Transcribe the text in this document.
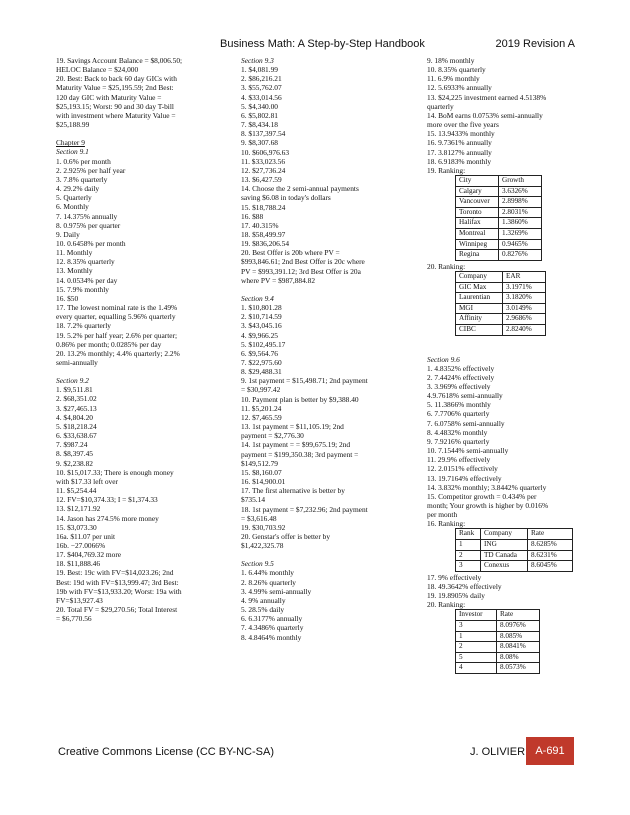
Business Math: A Step-by-Step Handbook	2019 Revision A

19. Savings Account Balance = $8,006.50;

HELOC Balance = $24,000

20. Best: Back to back 60 day GICs with

Maturity Value = $25,195.59; 2nd Best:

120 day GIC with Maturity Value =

$25,193.15; Worst: 90 and 30 day T-bill

with investment where Maturity Value =

$25,188.99

Chapter 9

Section 9.1

1. 0.6% per month

2. 2.925% per half year

3. 7.8% quarterly

4. 29.2% daily

5. Quarterly

6. Monthly

7. 14.375% annually

8. 0.975% per quarter

9. Daily

10. 0.6458% per month

11. Monthly

12. 8.35% quarterly

13. Monthly

14. 0.0534% per day

15. 7.9% monthly

16. $50

17. The lowest nominal rate is the 1.49%

every quarter, equalling 5.96% quarterly

18. 7.2% quarterly

19. 5.2% per half year; 2.6% per quarter;

0.86% per month; 0.0285% per day

20. 13.2% monthly; 4.4% quarterly; 2.2%

semi-annually

Section 9.2

1. $9,511.81

2. $68,351.02

3. $27,465.13

4. $4,804.20

5. $18,218.24

6. $33,638.67

7. $987.24

8. $8,397.45

9. $2,238.82

10. $15,017.33; There is enough money

with $17.33 left over

11. $5,254.44

12. FV=$10,374.33; I = $1,374.33

13. $12,171.92

14. Jason has 274.5% more money

15. $3,073.30

16a. $11.07 per unit

16b. −27.0066%

17. $404,769.32 more

18. $11,888.46

19. Best: 19c with FV=$14,023.26; 2nd

Best: 19d with FV=$13,999.47; 3rd Best:

19b with FV=$13,933.20; Worst: 19a with

FV=$13,927.43

20. Total FV = $29,270.56; Total Interest

= $6,770.56

Section 9.3

1. $4,081.99

2. $86,216.21

3. $55,762.07

4. $33,014.56

5. $4,340.00

6. $5,802.81

7. $8,434.18

8. $137,397.54

9. $8,307.68

10. $606,976.63

11. $33,023.56

12. $27,736.24

13. $6,427.59

14. Choose the 2 semi-annual payments

saving $6.08 in today's dollars

15. $18,788.24

16. $88

17. 40.315%

18. $58,499.97

19. $836,206.54

20. Best Offer is 20b where PV =

$993,846.61; 2nd Best Offer is 20c where

PV = $993,391.12; 3rd Best Offer is 20a

where PV = $987,884.82

Section 9.4

1. $10,801.28

2. $10,714.59

3. $43,045.16

4. $9,966.25

5. $102,495.17

6. $9,564.76

7. $22,975.60

8. $29,488.31

9. 1st payment = $15,498.71; 2nd payment

= $30,997.42

10. Payment plan is better by $9,388.40

11. $5,201.24

12. $7,465.59

13. 1st payment = $11,105.19; 2nd

payment = $2,776.30

14. 1st payment = = $99,675.19; 2nd

payment = $199,350.38; 3rd payment =

$149,512.79

15. $8,160.07

16. $14,900.01

17. The first alternative is better by

$735.14

18. 1st payment = $7,232.96; 2nd payment

= $3,616.48

19. $30,703.92

20. Genstar's offer is better by

$1,422,325.78

Section 9.5

1. 6.44% monthly

2. 8.26% quarterly

3. 4.99% semi-annually

4. 9% annually

5. 28.5% daily

6. 6.3177% annually

7. 4.3486% quarterly

8. 4.8464% monthly

9. 18% monthly

10. 8.35% quarterly

11. 6.9% monthly

12. 5.6933% annually

13. $24,225 investment earned 4.5138%

quarterly

14. BoM earns 0.0753% semi-annually

more over the five years

15. 13.9433% monthly

16. 9.7361% annually

17. 3.8127% annually

18. 6.9183% monthly

19. Ranking:

City	Growth
Calgary	3.6326%
Vancouver	2.8998%
Toronto	2.8031%
Halifax	1.3860%
Montreal	1.3269%
Winnipeg	0.9465%
Regina	0.8276%

20. Ranking:

Company	EAR
GIC Max	3.1971%
Laurentian	3.1820%
MGI	3.0149%
Affinity	2.9686%
CIBC	2.8240%

Section 9.6

1. 4.8352% effectively

2. 7.4424% effectively

3. 3.969% effectively

4.9.7618% semi-annually

5. 11.3866% monthly

6. 7.7706% quarterly

7. 6.0758% semi-annually

8. 4.4832% monthly

9. 7.9216% quarterly

10. 7.1544% semi-annually

11. 29.9% effectively

12. 2.0151% effectively

13. 19.7164% effectively

14. 3.832% monthly; 3.8442% quarterly

15. Competitor growth = 0.434% per

month; Your growth is higher by 0.016%

per month

16. Ranking:

Rank	Company	Rate
1	ING	8.6285%
2	TD Canada	8.6231%
3	Conexus	8.6045%

17. 9% effectively

18. 49.3642% effectively

19. 19.8905% daily

20. Ranking:

Investor	Rate
3	8.0976%
1	8.085%
2	8.0841%
5	8.08%
4	8.0573%
Creative Commons License (CC BY-NC-SA)	J. OLIVIER A-691
